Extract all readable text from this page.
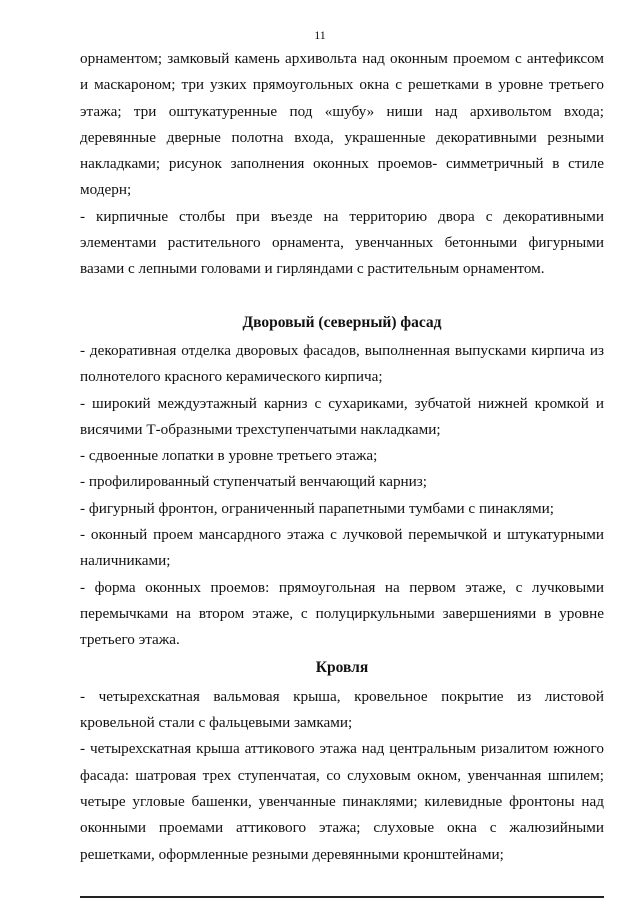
11

орнаментом; замковый камень архивольта над оконным проемом с антефиксом и маскароном; три узких прямоугольных окна с решетками в уровне третьего этажа; три оштукатуренные под «шубу» ниши над архивольтом входа; деревянные дверные полотна входа, украшенные декоративными резными накладками; рисунок заполнения оконных проемов- симметричный в стиле модерн;

- кирпичные столбы при въезде на территорию двора с декоративными элементами растительного орнамента, увенчанных бетонными фигурными вазами с лепными головами и гирляндами с растительным орнаментом.

Дворовый (северный) фасад

- декоративная отделка дворовых фасадов, выполненная выпусками кирпича из полнотелого красного керамического кирпича;

- широкий междуэтажный карниз с сухариками, зубчатой нижней кромкой и висячими Т-образными трехступенчатыми накладками;

- сдвоенные лопатки в уровне третьего этажа;

- профилированный ступенчатый венчающий карниз;

- фигурный фронтон, ограниченный парапетными тумбами с пинаклями;

- оконный проем мансардного этажа с лучковой перемычкой и штукатурными наличниками;

- форма оконных проемов: прямоугольная на первом этаже, с лучковыми перемычками на втором этаже, с полуциркульными завершениями в уровне третьего этажа.

Кровля

- четырехскатная вальмовая крыша, кровельное покрытие из листовой кровельной стали с фальцевыми замками;

- четырехскатная крыша аттикового этажа над центральным ризалитом южного фасада: шатровая трех ступенчатая, со слуховым окном, увенчанная шпилем; четыре угловые башенки, увенчанные пинаклями; килевидные фронтоны над оконными проемами аттикового этажа; слуховые окна с жалюзийными решетками, оформленные резными деревянными кронштейнами;
